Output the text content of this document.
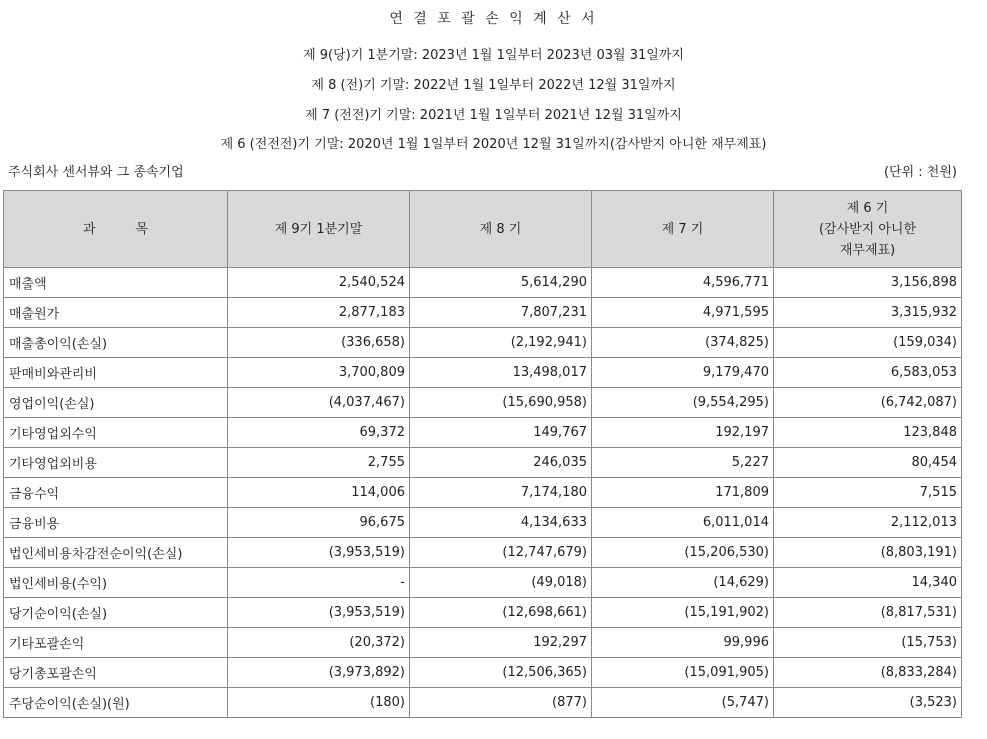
연 결 포 괄 손 익 계 산 서
제 9(당)기 1분기말: 2023년 1월 1일부터 2023년 03월 31일까지
제 8 (전)기 기말: 2022년 1월 1일부터 2022년 12월 31일까지
제 7 (전전)기 기말: 2021년 1월 1일부터 2021년 12월 31일까지
제 6 (전전전)기 기말: 2020년 1월 1일부터 2020년 12월 31일까지(감사받지 아니한 재무제표)
주식회사 센서뷰와 그 종속기업	(단위 : 천원)
과 목	제 9기 1분기말	제 8 기	제 7 기	제 6 기
(감사받지 아니한
재무제표)

매출액	2,540,524	5,614,290	4,596,771	3,156,898
매출원가	2,877,183	7,807,231	4,971,595	3,315,932
매출총이익(손실)	(336,658)	(2,192,941)	(374,825)	(159,034)
판매비와관리비	3,700,809	13,498,017	9,179,470	6,583,053
영업이익(손실)	(4,037,467)	(15,690,958)	(9,554,295)	(6,742,087)
기타영업외수익	69,372	149,767	192,197	123,848
기타영업외비용	2,755	246,035	5,227	80,454
금융수익	114,006	7,174,180	171,809	7,515
금융비용	96,675	4,134,633	6,011,014	2,112,013
법인세비용차감전순이익(손실)	(3,953,519)	(12,747,679)	(15,206,530)	(8,803,191)
법인세비용(수익)	-	(49,018)	(14,629)	14,340
당기순이익(손실)	(3,953,519)	(12,698,661)	(15,191,902)	(8,817,531)
기타포괄손익	(20,372)	192,297	99,996	(15,753)
당기총포괄손익	(3,973,892)	(12,506,365)	(15,091,905)	(8,833,284)
주당순이익(손실)(원)	(180)	(877)	(5,747)	(3,523)
